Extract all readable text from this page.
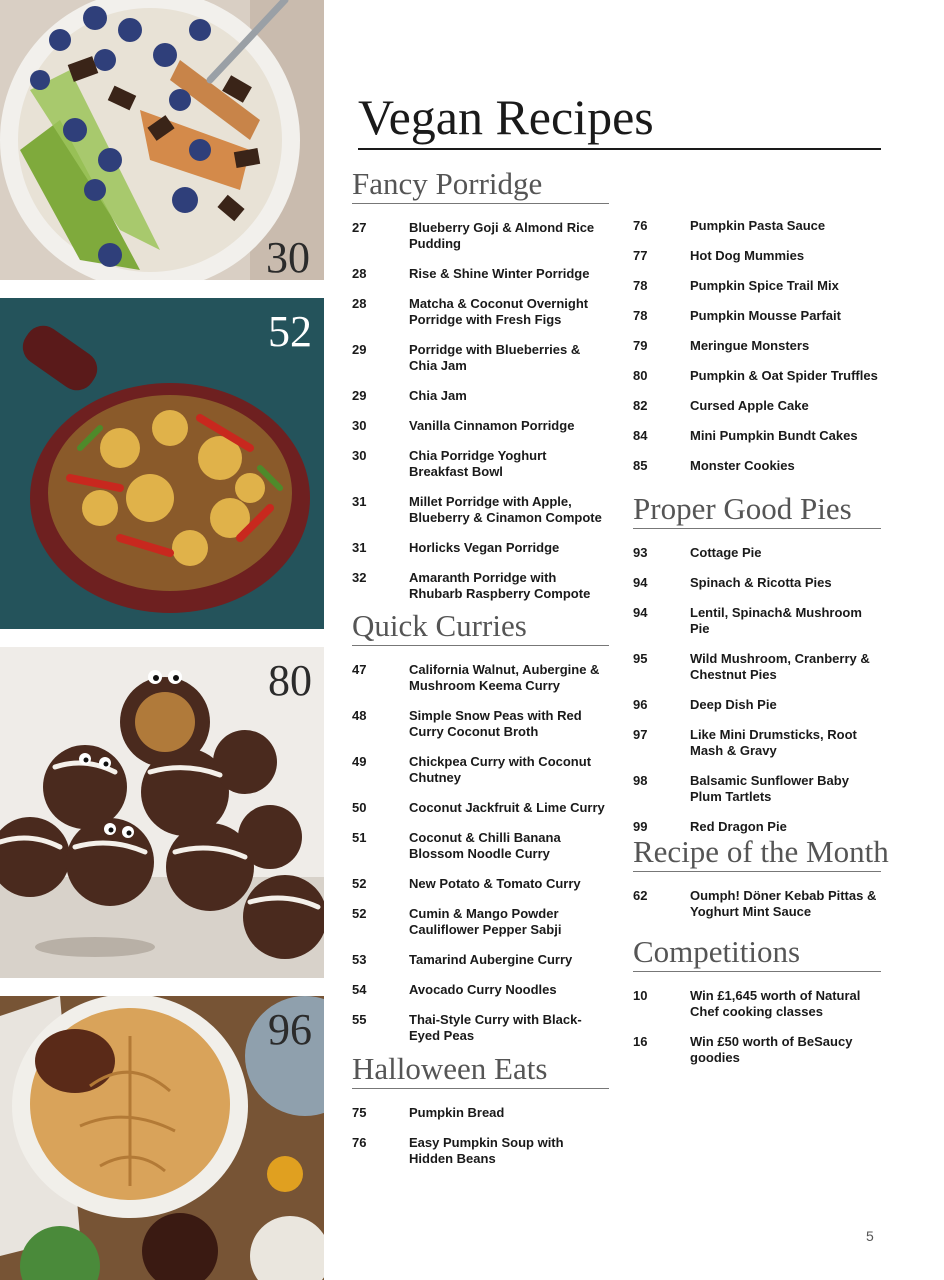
30
52
80
96
Vegan Recipes
Fancy Porridge
27	Blueberry Goji & Almond Rice Pudding
28	Rise & Shine Winter Porridge
28	Matcha & Coconut Overnight Porridge with Fresh Figs
29	Porridge with Blueberries & Chia Jam
29	Chia Jam
30	Vanilla Cinnamon Porridge
30	Chia Porridge Yoghurt Breakfast Bowl
31	Millet Porridge with Apple, Blueberry & Cinamon Compote
31	Horlicks Vegan Porridge
32	Amaranth Porridge with Rhubarb Raspberry Compote
Quick Curries
47	California Walnut, Aubergine & Mushroom Keema Curry
48	Simple Snow Peas with Red Curry Coconut Broth
49	Chickpea Curry with Coconut Chutney
50	Coconut Jackfruit & Lime Curry
51	Coconut & Chilli Banana Blossom Noodle Curry
52	New Potato & Tomato Curry
52	Cumin & Mango Powder Cauliflower Pepper Sabji
53	Tamarind Aubergine Curry
54	Avocado Curry Noodles
55	Thai-Style Curry with Black-Eyed Peas
Halloween Eats
75	Pumpkin Bread
76	Easy Pumpkin Soup with Hidden Beans
76	Pumpkin Pasta Sauce
77	Hot Dog Mummies
78	Pumpkin Spice Trail Mix
78	Pumpkin Mousse Parfait
79	Meringue Monsters
80	Pumpkin & Oat Spider Truffles
82	Cursed Apple Cake
84	Mini Pumpkin Bundt Cakes
85	Monster Cookies
Proper Good Pies
93	Cottage Pie
94	Spinach & Ricotta Pies
94	Lentil, Spinach& Mushroom Pie
95	Wild Mushroom, Cranberry & Chestnut Pies
96	Deep Dish Pie
97	Like Mini Drumsticks, Root Mash & Gravy
98	Balsamic Sunflower Baby Plum Tartlets
99	Red Dragon Pie
Recipe of the Month
62	Oumph! Döner Kebab Pittas & Yoghurt Mint Sauce
Competitions
10	Win £1,645 worth of Natural Chef cooking classes
16	Win £50 worth of BeSaucy goodies
5
